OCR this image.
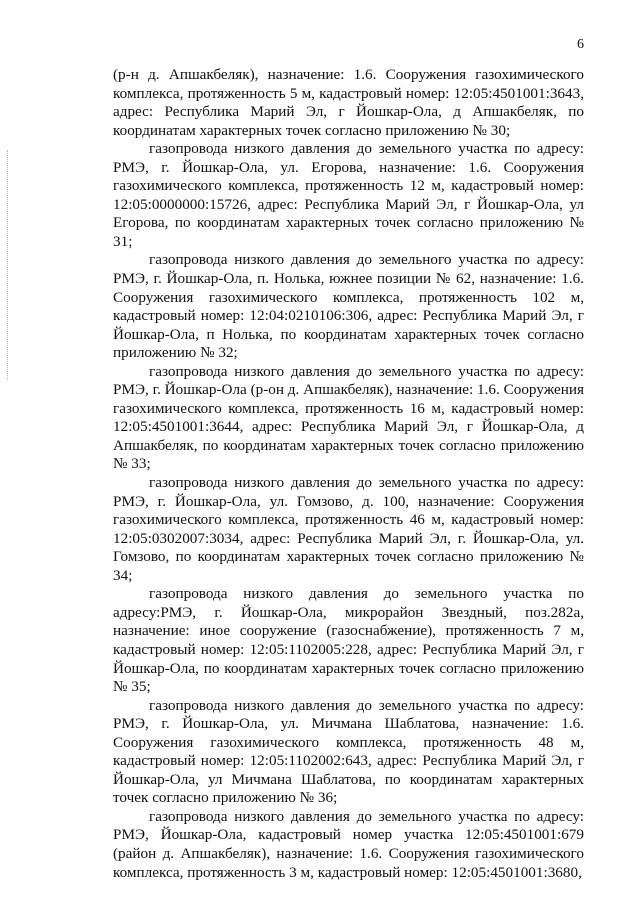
6

(р-н д. Апшакбеляк), назначение: 1.6. Сооружения газохимического комплекса, протяженность 5 м, кадастровый номер: 12:05:4501001:3643, адрес: Республика Марий Эл, г Йошкар-Ола, д Апшакбеляк, по координатам характерных точек согласно приложению № 30;

газопровода низкого давления до земельного участка по адресу: РМЭ, г. Йошкар-Ола, ул. Егорова, назначение: 1.6. Сооружения газохимического комплекса, протяженность 12 м, кадастровый номер: 12:05:0000000:15726, адрес: Республика Марий Эл, г Йошкар-Ола, ул Егорова, по координатам характерных точек согласно приложению № 31;

газопровода низкого давления до земельного участка по адресу: РМЭ, г. Йошкар-Ола, п. Нолька, южнее позиции № 62, назначение: 1.6. Сооружения газохимического комплекса, протяженность 102 м, кадастровый номер: 12:04:0210106:306, адрес: Республика Марий Эл, г Йошкар-Ола, п Нолька, по координатам характерных точек согласно приложению № 32;

газопровода низкого давления до земельного участка по адресу: РМЭ, г. Йошкар-Ола (р-он д. Апшакбеляк), назначение: 1.6. Сооружения газохимического комплекса, протяженность 16 м, кадастровый номер: 12:05:4501001:3644, адрес: Республика Марий Эл, г Йошкар-Ола, д Апшакбеляк, по координатам характерных точек согласно приложению № 33;

газопровода низкого давления до земельного участка по адресу: РМЭ, г. Йошкар-Ола, ул. Гомзово, д. 100, назначение: Сооружения газохимического комплекса, протяженность 46 м, кадастровый номер: 12:05:0302007:3034, адрес: Республика Марий Эл, г. Йошкар-Ола, ул. Гомзово, по координатам характерных точек согласно приложению № 34;

газопровода низкого давления до земельного участка по адресу:РМЭ, г. Йошкар-Ола, микрорайон Звездный, поз.282а, назначение: иное сооружение (газоснабжение), протяженность 7 м, кадастровый номер: 12:05:1102005:228, адрес: Республика Марий Эл, г Йошкар-Ола, по координатам характерных точек согласно приложению № 35;

газопровода низкого давления до земельного участка по адресу: РМЭ, г. Йошкар-Ола, ул. Мичмана Шаблатова, назначение: 1.6. Сооружения газохимического комплекса, протяженность 48 м, кадастровый номер: 12:05:1102002:643, адрес: Республика Марий Эл, г Йошкар-Ола, ул Мичмана Шаблатова, по координатам характерных точек согласно приложению № 36;

газопровода низкого давления до земельного участка по адресу: РМЭ, Йошкар-Ола, кадастровый номер участка 12:05:4501001:679 (район д. Апшакбеляк), назначение: 1.6. Сооружения газохимического комплекса, протяженность 3 м, кадастровый номер: 12:05:4501001:3680,
